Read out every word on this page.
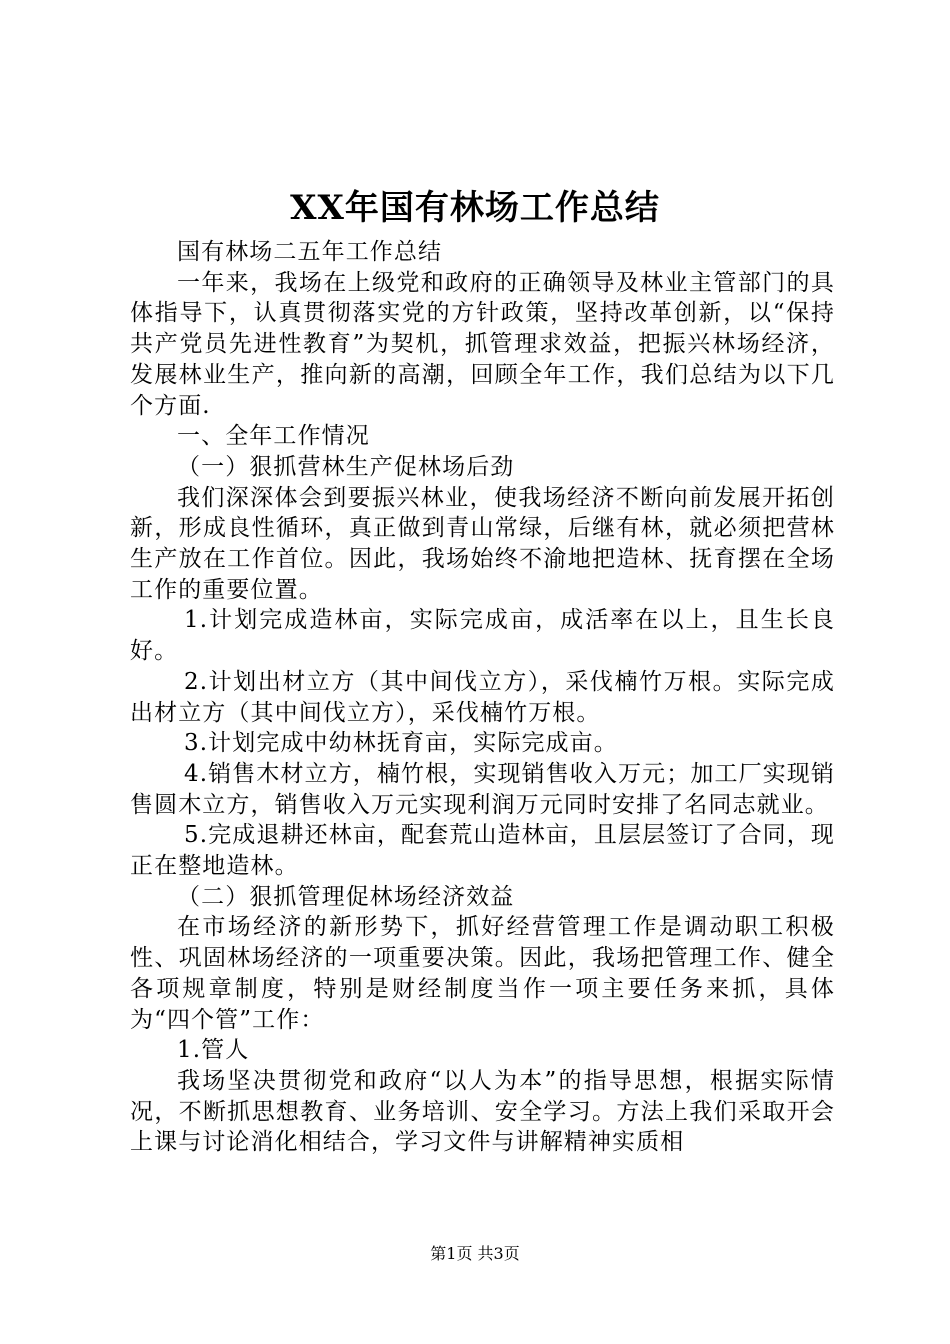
XX年国有林场工作总结

国有林场二五年工作总结

一年来，我场在上级党和政府的正确领导及林业主管部门的具体指导下，认真贯彻落实党的方针政策，坚持改革创新，以“保持共产党员先进性教育”为契机，抓管理求效益，把振兴林场经济，发展林业生产，推向新的高潮，回顾全年工作，我们总结为以下几个方面.

一、全年工作情况

（一）狠抓营林生产促林场后劲

我们深深体会到要振兴林业，使我场经济不断向前发展开拓创新，形成良性循环，真正做到青山常绿，后继有林，就必须把营林生产放在工作首位。因此，我场始终不渝地把造林、抚育摆在全场工作的重要位置。

1.计划完成造林亩，实际完成亩，成活率在以上，且生长良好。

2.计划出材立方（其中间伐立方），采伐楠竹万根。实际完成出材立方（其中间伐立方），采伐楠竹万根。

3.计划完成中幼林抚育亩，实际完成亩。

4.销售木材立方，楠竹根，实现销售收入万元；加工厂实现销售圆木立方，销售收入万元实现利润万元同时安排了名同志就业。

5.完成退耕还林亩，配套荒山造林亩，且层层签订了合同，现正在整地造林。

（二）狠抓管理促林场经济效益

在市场经济的新形势下，抓好经营管理工作是调动职工积极性、巩固林场经济的一项重要决策。因此，我场把管理工作、健全各项规章制度，特别是财经制度当作一项主要任务来抓，具体为“四个管”工作：

1.管人

我场坚决贯彻党和政府“以人为本”的指导思想，根据实际情况，不断抓思想教育、业务培训、安全学习。方法上我们采取开会上课与讨论消化相结合，学习文件与讲解精神实质相

第1页 共3页
